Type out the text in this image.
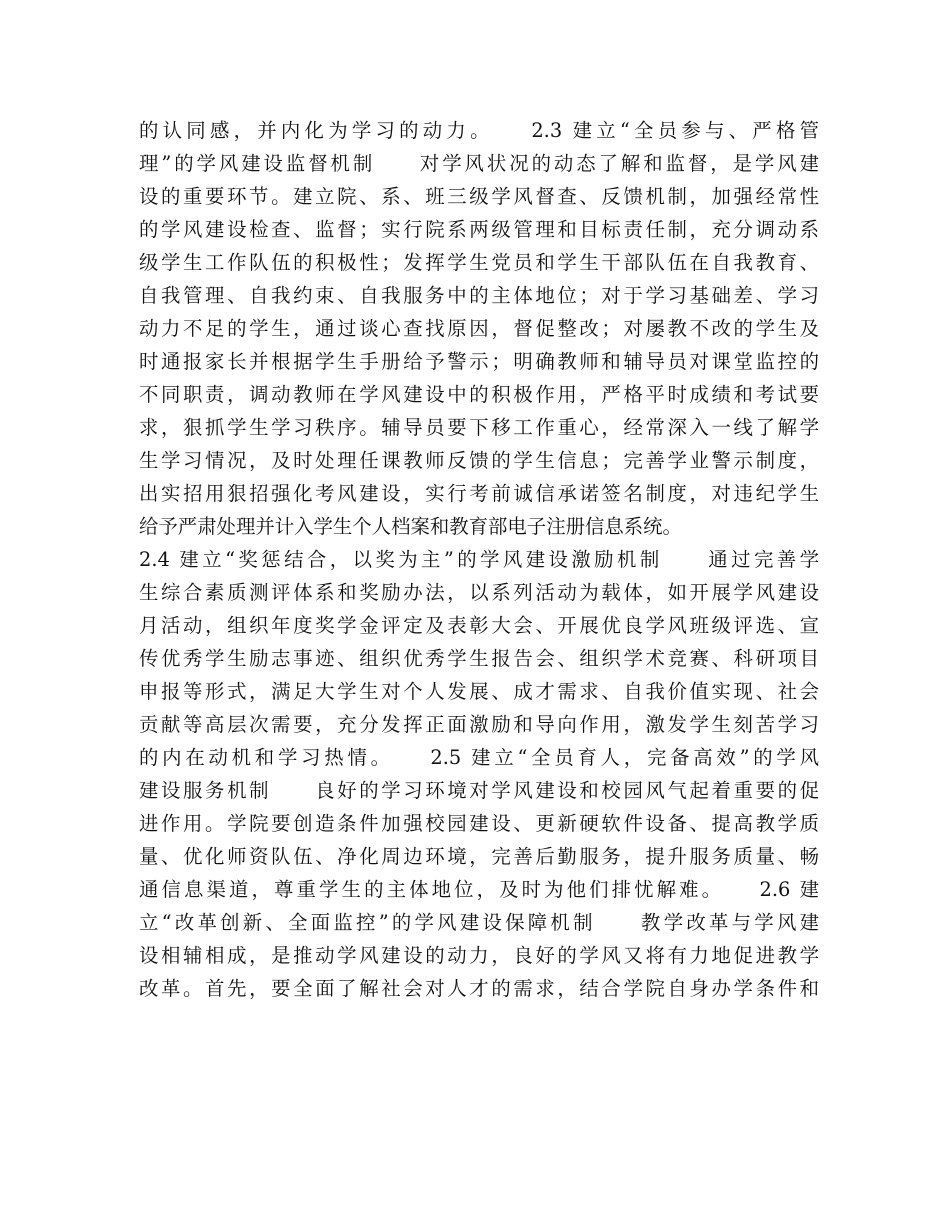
的认同感，并内化为学习的动力。　　2.3 建立“全员参与、严格管
理”的学风建设监督机制　　对学风状况的动态了解和监督，是学风建
设的重要环节。建立院、系、班三级学风督查、反馈机制，加强经常性
的学风建设检查、监督；实行院系两级管理和目标责任制，充分调动系
级学生工作队伍的积极性；发挥学生党员和学生干部队伍在自我教育、
自我管理、自我约束、自我服务中的主体地位；对于学习基础差、学习
动力不足的学生，通过谈心查找原因，督促整改；对屡教不改的学生及
时通报家长并根据学生手册给予警示；明确教师和辅导员对课堂监控的
不同职责，调动教师在学风建设中的积极作用，严格平时成绩和考试要
求，狠抓学生学习秩序。辅导员要下移工作重心，经常深入一线了解学
生学习情况，及时处理任课教师反馈的学生信息；完善学业警示制度，
出实招用狠招强化考风建设，实行考前诚信承诺签名制度，对违纪学生
给予严肃处理并计入学生个人档案和教育部电子注册信息系统。
2.4 建立“奖惩结合，以奖为主”的学风建设激励机制　　通过完善学
生综合素质测评体系和奖励办法，以系列活动为载体，如开展学风建设
月活动，组织年度奖学金评定及表彰大会、开展优良学风班级评选、宣
传优秀学生励志事迹、组织优秀学生报告会、组织学术竞赛、科研项目
申报等形式，满足大学生对个人发展、成才需求、自我价值实现、社会
贡献等高层次需要，充分发挥正面激励和导向作用，激发学生刻苦学习
的内在动机和学习热情。　　2.5 建立“全员育人，完备高效”的学风
建设服务机制　　良好的学习环境对学风建设和校园风气起着重要的促
进作用。学院要创造条件加强校园建设、更新硬软件设备、提高教学质
量、优化师资队伍、净化周边环境，完善后勤服务，提升服务质量、畅
通信息渠道，尊重学生的主体地位，及时为他们排忧解难。　　2.6 建
立“改革创新、全面监控”的学风建设保障机制　　教学改革与学风建
设相辅相成，是推动学风建设的动力，良好的学风又将有力地促进教学
改革。首先，要全面了解社会对人才的需求，结合学院自身办学条件和
